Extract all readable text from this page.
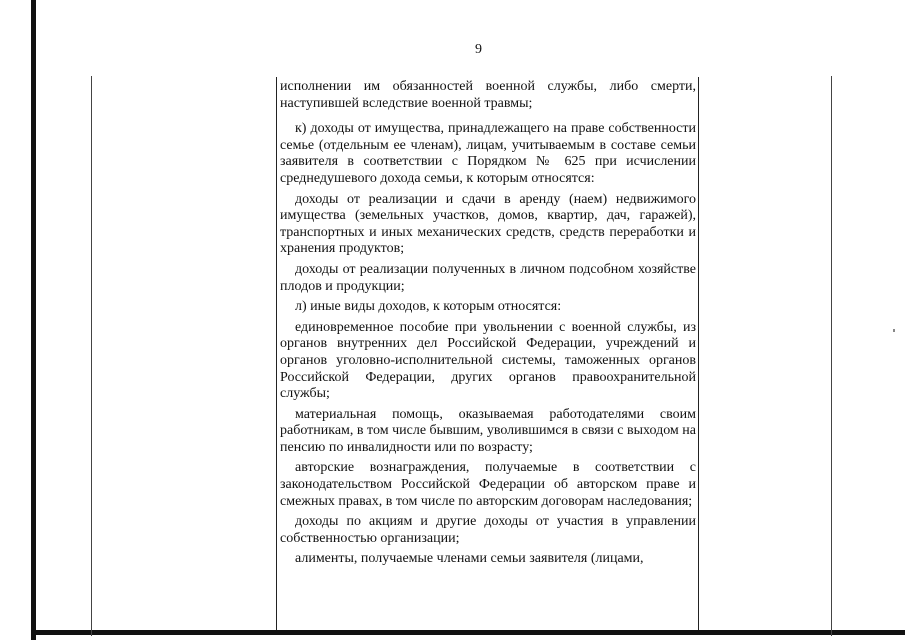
9

исполнении им обязанностей военной службы, либо смерти, наступившей вследствие военной травмы;

к) доходы от имущества, принадлежащего на праве собственности семье (отдельным ее членам), лицам, учитываемым в составе семьи заявителя в соответствии с Порядком № 625 при исчислении среднедушевого дохода семьи, к которым относятся:

доходы от реализации и сдачи в аренду (наем) недвижимого имущества (земельных участков, домов, квартир, дач, гаражей), транспортных и иных механических средств, средств переработки и хранения продуктов;

доходы от реализации полученных в личном подсобном хозяйстве плодов и продукции;

л) иные виды доходов, к которым относятся:

единовременное пособие при увольнении с военной службы, из органов внутренних дел Российской Федерации, учреждений и органов уголовно-исполнительной системы, таможенных органов Российской Федерации, других органов правоохранительной службы;

материальная помощь, оказываемая работодателями своим работникам, в том числе бывшим, уволившимся в связи с выходом на пенсию по инвалидности или по возрасту;

авторские вознаграждения, получаемые в соответствии с законодательством Российской Федерации об авторском праве и смежных правах, в том числе по авторским договорам наследования;

доходы по акциям и другие доходы от участия в управлении собственностью организации;

алименты, получаемые членами семьи заявителя (лицами,
